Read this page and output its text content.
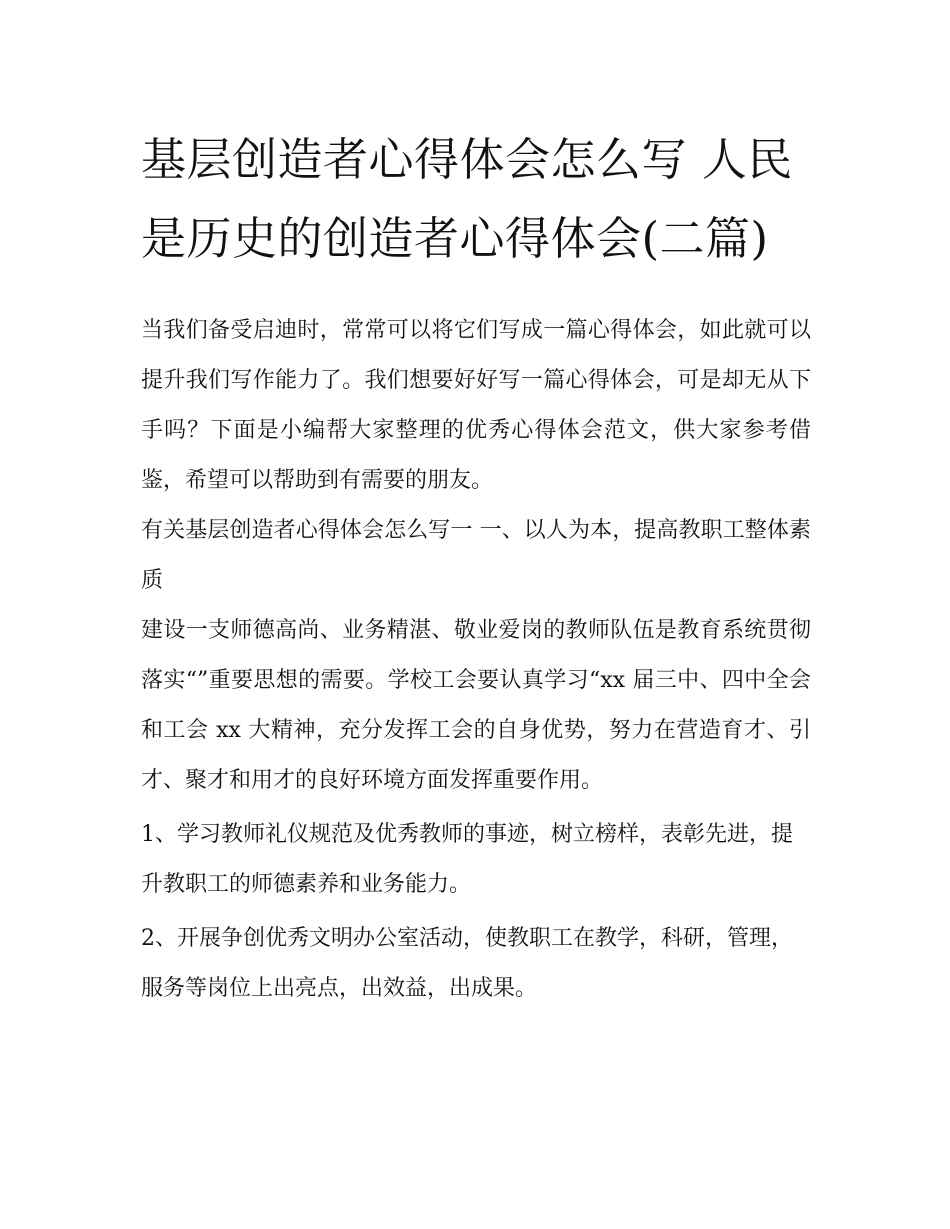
基层创造者心得体会怎么写 人民是历史的创造者心得体会(二篇)

当我们备受启迪时，常常可以将它们写成一篇心得体会，如此就可以提升我们写作能力了。我们想要好好写一篇心得体会，可是却无从下手吗？下面是小编帮大家整理的优秀心得体会范文，供大家参考借鉴，希望可以帮助到有需要的朋友。

有关基层创造者心得体会怎么写一 一、以人为本，提高教职工整体素质

建设一支师德高尚、业务精湛、敬业爱岗的教师队伍是教育系统贯彻落实“”重要思想的需要。学校工会要认真学习“xx 届三中、四中全会和工会 xx 大精神，充分发挥工会的自身优势，努力在营造育才、引才、聚才和用才的良好环境方面发挥重要作用。

1、学习教师礼仪规范及优秀教师的事迹，树立榜样，表彰先进，提升教职工的师德素养和业务能力。

2、开展争创优秀文明办公室活动，使教职工在教学，科研，管理，服务等岗位上出亮点，出效益，出成果。
